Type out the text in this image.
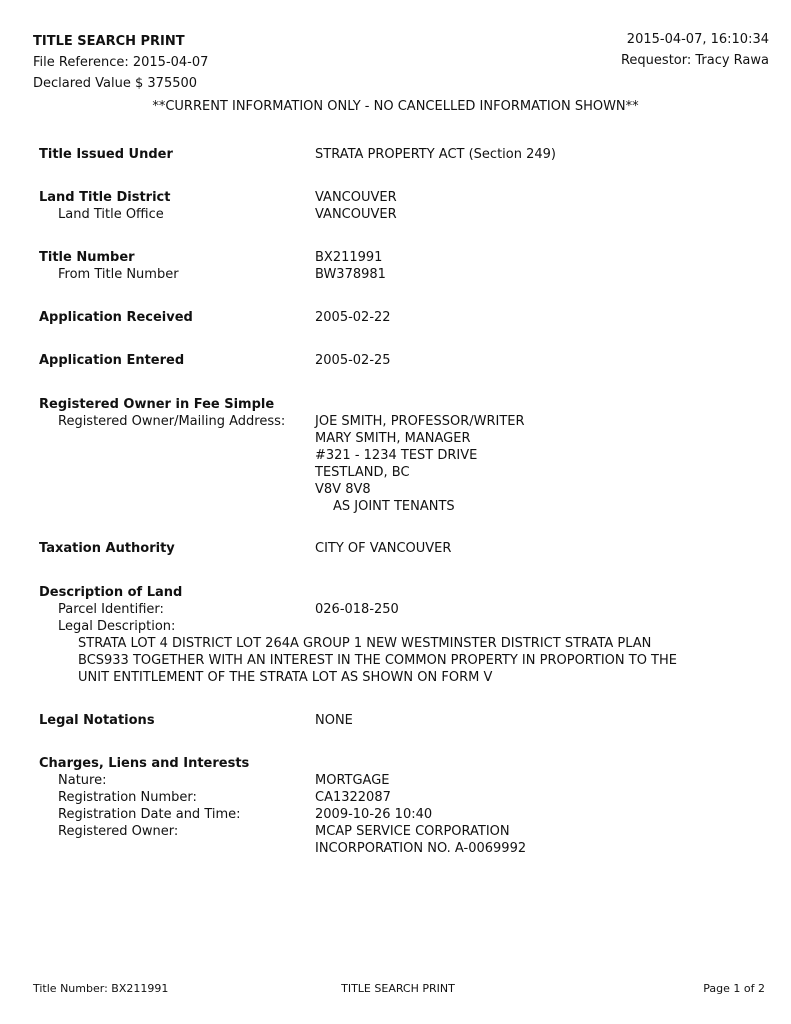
TITLE SEARCH PRINT
File Reference: 2015-04-07
Declared Value $ 375500
2015-04-07, 16:10:34
Requestor: Tracy Rawa
**CURRENT INFORMATION ONLY - NO CANCELLED INFORMATION SHOWN**
Title Issued Under	STRATA PROPERTY ACT (Section 249)
Land Title District	VANCOUVER
Land Title Office	VANCOUVER
Title Number	BX211991
From Title Number	BW378981
Application Received	2005-02-22
Application Entered	2005-02-25
Registered Owner in Fee Simple
Registered Owner/Mailing Address: JOE SMITH, PROFESSOR/WRITER
MARY SMITH, MANAGER
#321 - 1234 TEST DRIVE
TESTLAND, BC
V8V 8V8
AS JOINT TENANTS
Taxation Authority	CITY OF VANCOUVER
Description of Land
Parcel Identifier:	026-018-250
Legal Description:
STRATA LOT 4 DISTRICT LOT 264A GROUP 1 NEW WESTMINSTER DISTRICT STRATA PLAN
BCS933 TOGETHER WITH AN INTEREST IN THE COMMON PROPERTY IN PROPORTION TO THE
UNIT ENTITLEMENT OF THE STRATA LOT AS SHOWN ON FORM V
Legal Notations	NONE
Charges, Liens and Interests
Nature:	MORTGAGE
Registration Number:	CA1322087
Registration Date and Time:	2009-10-26 10:40
Registered Owner:	MCAP SERVICE CORPORATION
INCORPORATION NO. A-0069992
Title Number: BX211991	TITLE SEARCH PRINT	Page 1 of 2
